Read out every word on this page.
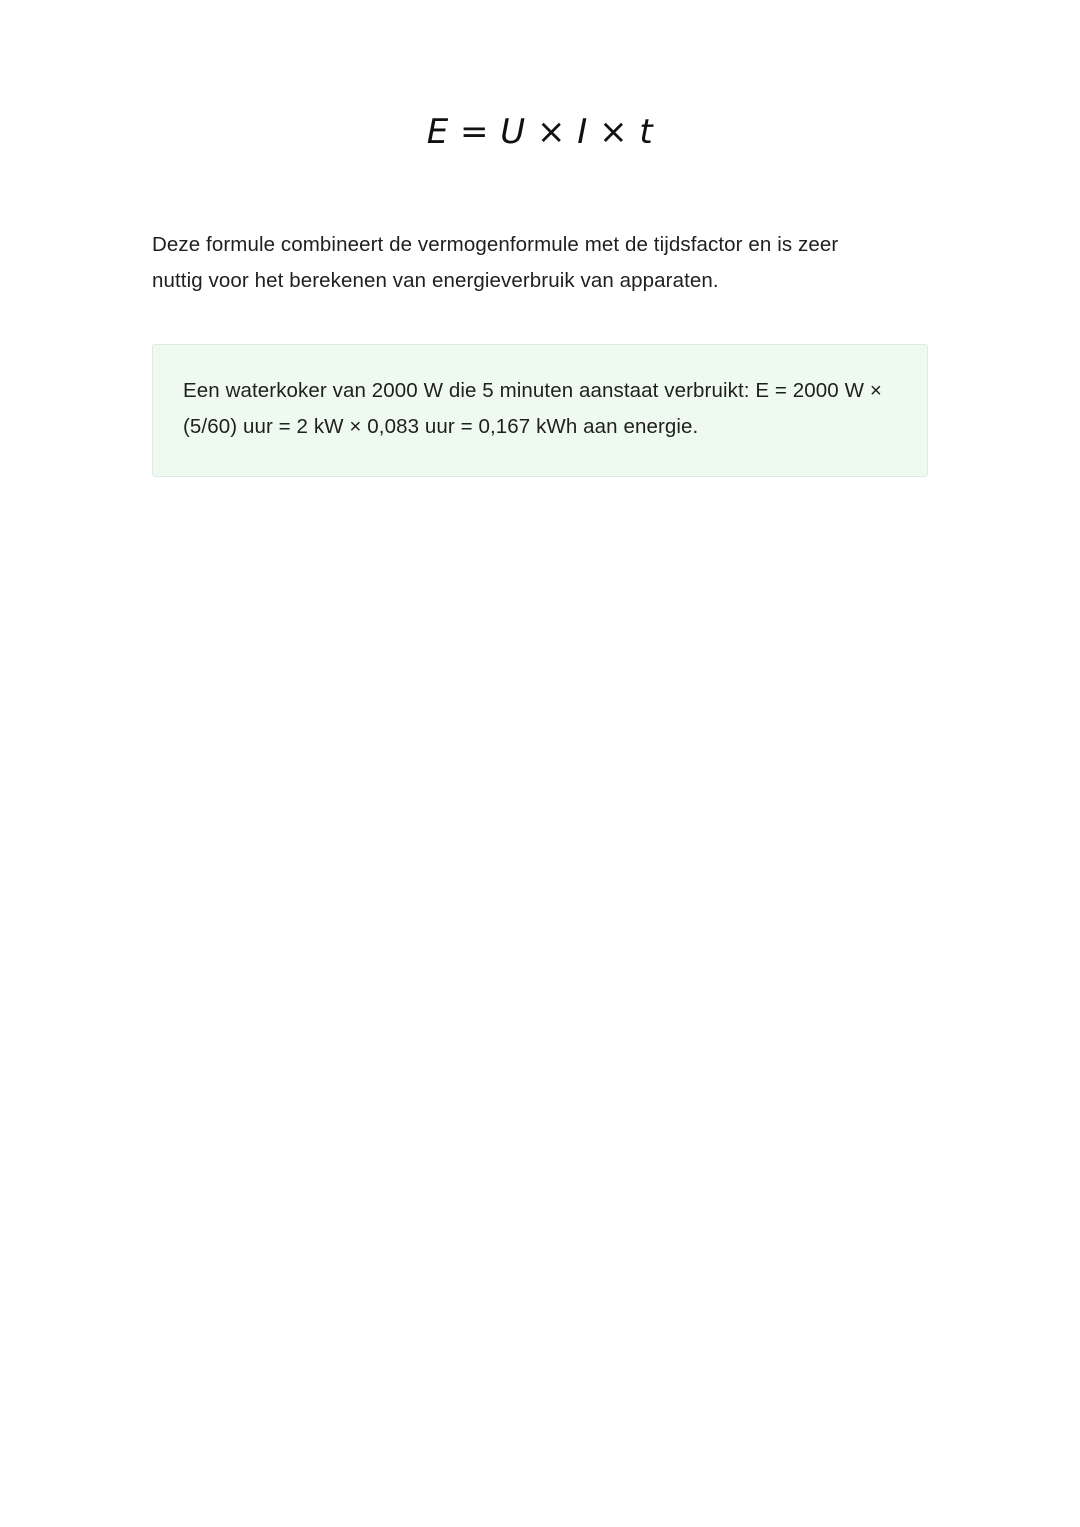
E = U × I × t

Deze formule combineert de vermogenformule met de tijdsfactor en is zeer nuttig voor het berekenen van energieverbruik van apparaten.

Een waterkoker van 2000 W die 5 minuten aanstaat verbruikt: E = 2000 W × (5/60) uur = 2 kW × 0,083 uur = 0,167 kWh aan energie.
